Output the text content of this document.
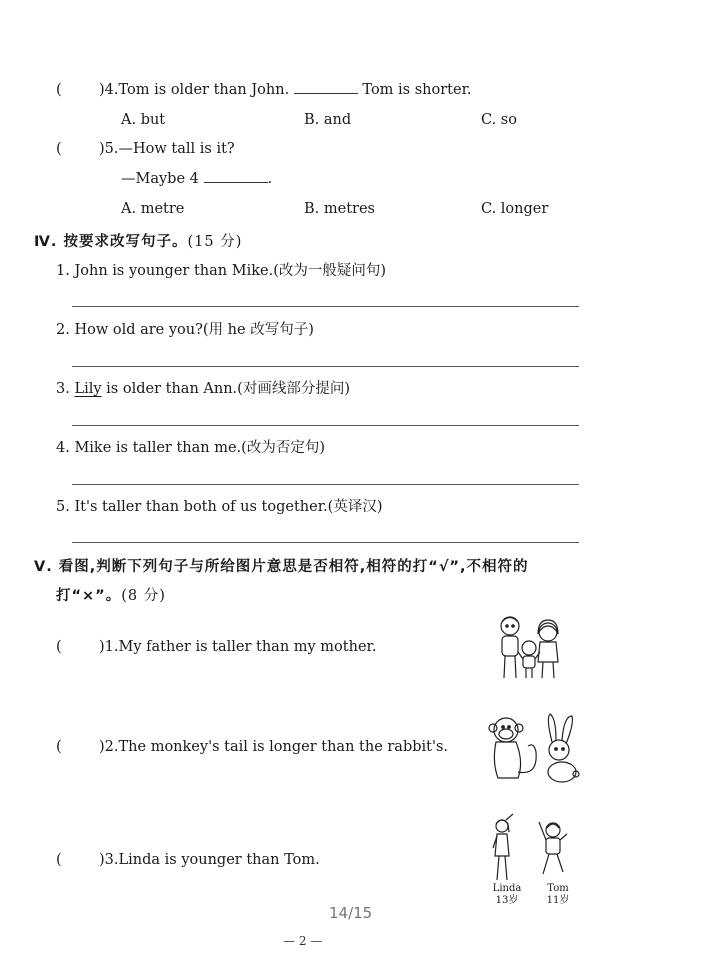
(	)4.Tom is older than John.	Tom is shorter.
A. but	B. and	C. so
(	)5.—How tall is it?
—Maybe 4	.
A. metre	B. metres	C. longer
Ⅳ. 按要求改写句子。(15 分)
1. John is younger than Mike.(改为一般疑问句)
2. How old are you?(用 he 改写句子)
3. Lily is older than Ann.(对画线部分提问)
4. Mike is taller than me.(改为否定句)
5. It's taller than both of us together.(英译汉)
Ⅴ. 看图,判断下列句子与所给图片意思是否相符,相符的打“√”,不相符的
打“×”。(8 分)
(	)1.My father is taller than my mother.
(	)2.The monkey's tail is longer than the rabbit's.
(	)3.Linda is younger than Tom.
Linda
13岁
Tom
11岁
14/15
— 2 —
